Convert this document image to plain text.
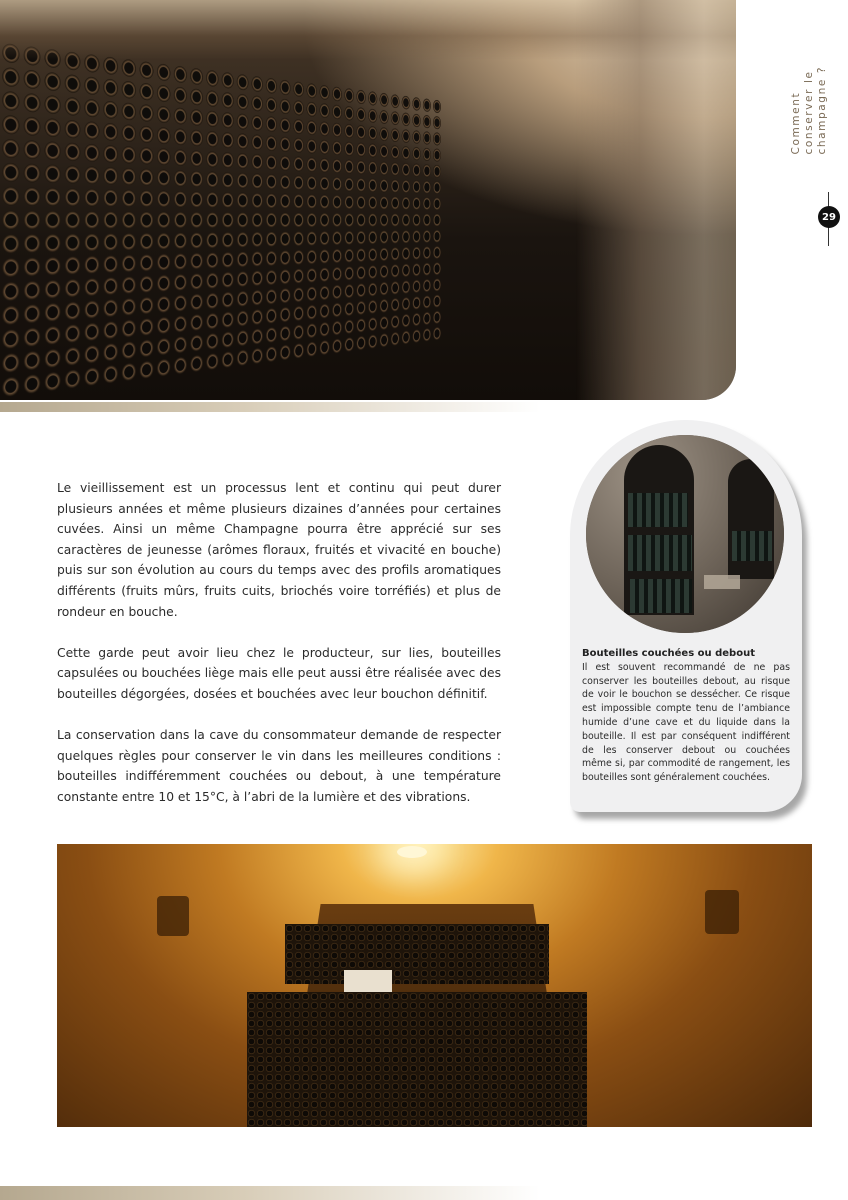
Comment
conserver le
champagne ?
29

Le vieillissement est un processus lent et continu qui peut durer plusieurs années et même plusieurs dizaines d’années pour certaines cuvées. Ainsi un même Champagne pourra être apprécié sur ses caractères de jeunesse (arômes floraux, fruités et vivacité en bouche) puis sur son évolution au cours du temps avec des profils aromatiques différents (fruits mûrs, fruits cuits, briochés voire torréfiés) et plus de rondeur en bouche.

Cette garde peut avoir lieu chez le producteur, sur lies, bouteilles capsulées ou bouchées liège mais elle peut aussi être réalisée avec des bouteilles dégorgées, dosées et bouchées avec leur bouchon définitif.

La conservation dans la cave du consommateur demande de respecter quelques règles pour conserver le vin dans les meilleures conditions : bouteilles indifféremment couchées ou debout, à une température constante entre 10 et 15°C, à l’abri de la lumière et des vibrations.

Bouteilles couchées ou debout
Il est souvent recommandé de ne pas conserver les bouteilles debout, au risque de voir le bouchon se dessécher. Ce risque est impossible compte tenu de l’ambiance humide d’une cave et du liquide dans la bouteille. Il est par conséquent indifférent de les conserver debout ou couchées même si, par commodité de rangement, les bouteilles sont généralement couchées.
